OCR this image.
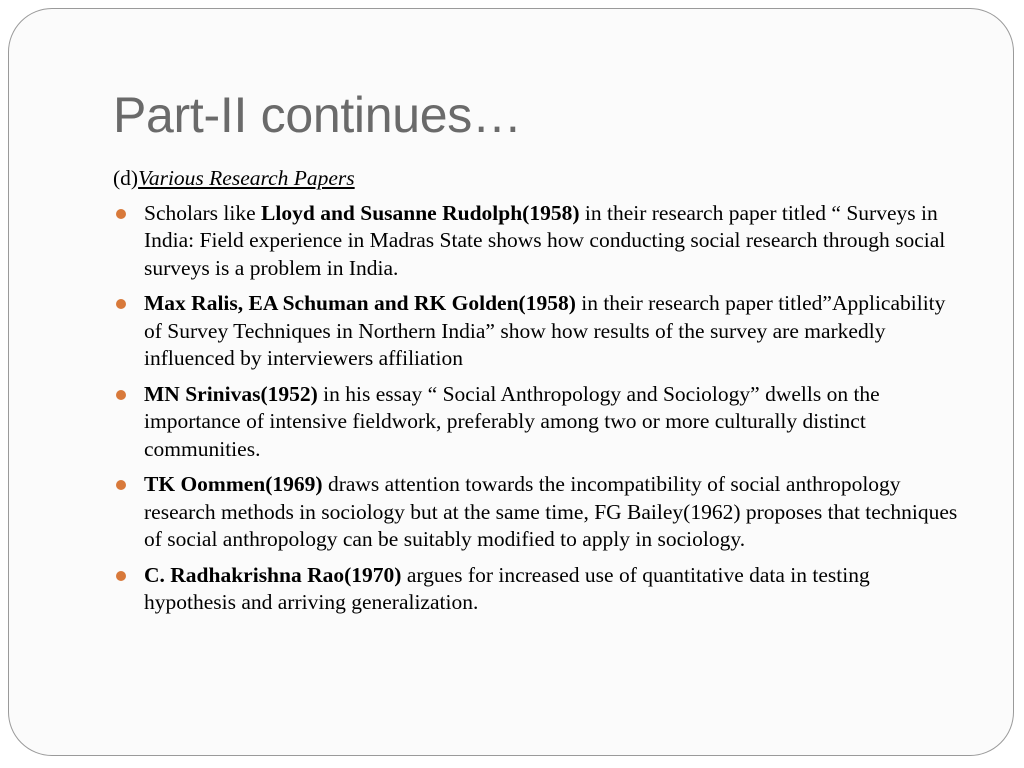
Part-II continues…
(d)Various Research Papers
Scholars like Lloyd and Susanne Rudolph(1958) in their research paper titled “ Surveys in India: Field experience in Madras State shows how conducting social research through social surveys is a problem in India.
Max Ralis, EA Schuman and RK Golden(1958) in their research paper titled”Applicability of Survey Techniques in Northern India” show how results of the survey are markedly influenced by interviewers affiliation
MN Srinivas(1952) in his essay “ Social Anthropology and Sociology” dwells on the importance of intensive fieldwork, preferably among two or more culturally distinct communities.
TK Oommen(1969) draws attention towards the incompatibility of social anthropology research methods in sociology but at the same time, FG Bailey(1962) proposes that techniques of social anthropology can be suitably modified to apply in sociology.
C. Radhakrishna Rao(1970) argues for increased use of quantitative data in testing hypothesis and arriving generalization.
